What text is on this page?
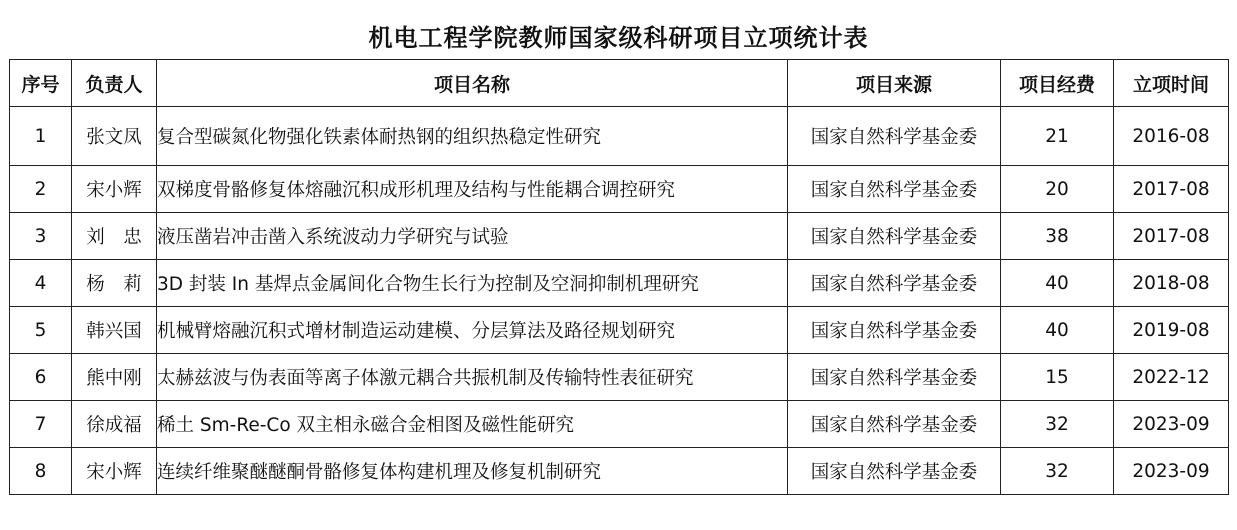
机电工程学院教师国家级科研项目立项统计表
序号	负责人	项目名称	项目来源	项目经费	立项时间
1	张文凤	复合型碳氮化物强化铁素体耐热钢的组织热稳定性研究	国家自然科学基金委	21	2016-08
2	宋小辉	双梯度骨骼修复体熔融沉积成形机理及结构与性能耦合调控研究	国家自然科学基金委	20	2017-08
3	刘　忠	液压凿岩冲击凿入系统波动力学研究与试验	国家自然科学基金委	38	2017-08
4	杨　莉	3D 封装 In 基焊点金属间化合物生长行为控制及空洞抑制机理研究	国家自然科学基金委	40	2018-08
5	韩兴国	机械臂熔融沉积式增材制造运动建模、分层算法及路径规划研究	国家自然科学基金委	40	2019-08
6	熊中刚	太赫兹波与伪表面等离子体激元耦合共振机制及传输特性表征研究	国家自然科学基金委	15	2022-12
7	徐成福	稀土 Sm-Re-Co 双主相永磁合金相图及磁性能研究	国家自然科学基金委	32	2023-09
8	宋小辉	连续纤维聚醚醚酮骨骼修复体构建机理及修复机制研究	国家自然科学基金委	32	2023-09
